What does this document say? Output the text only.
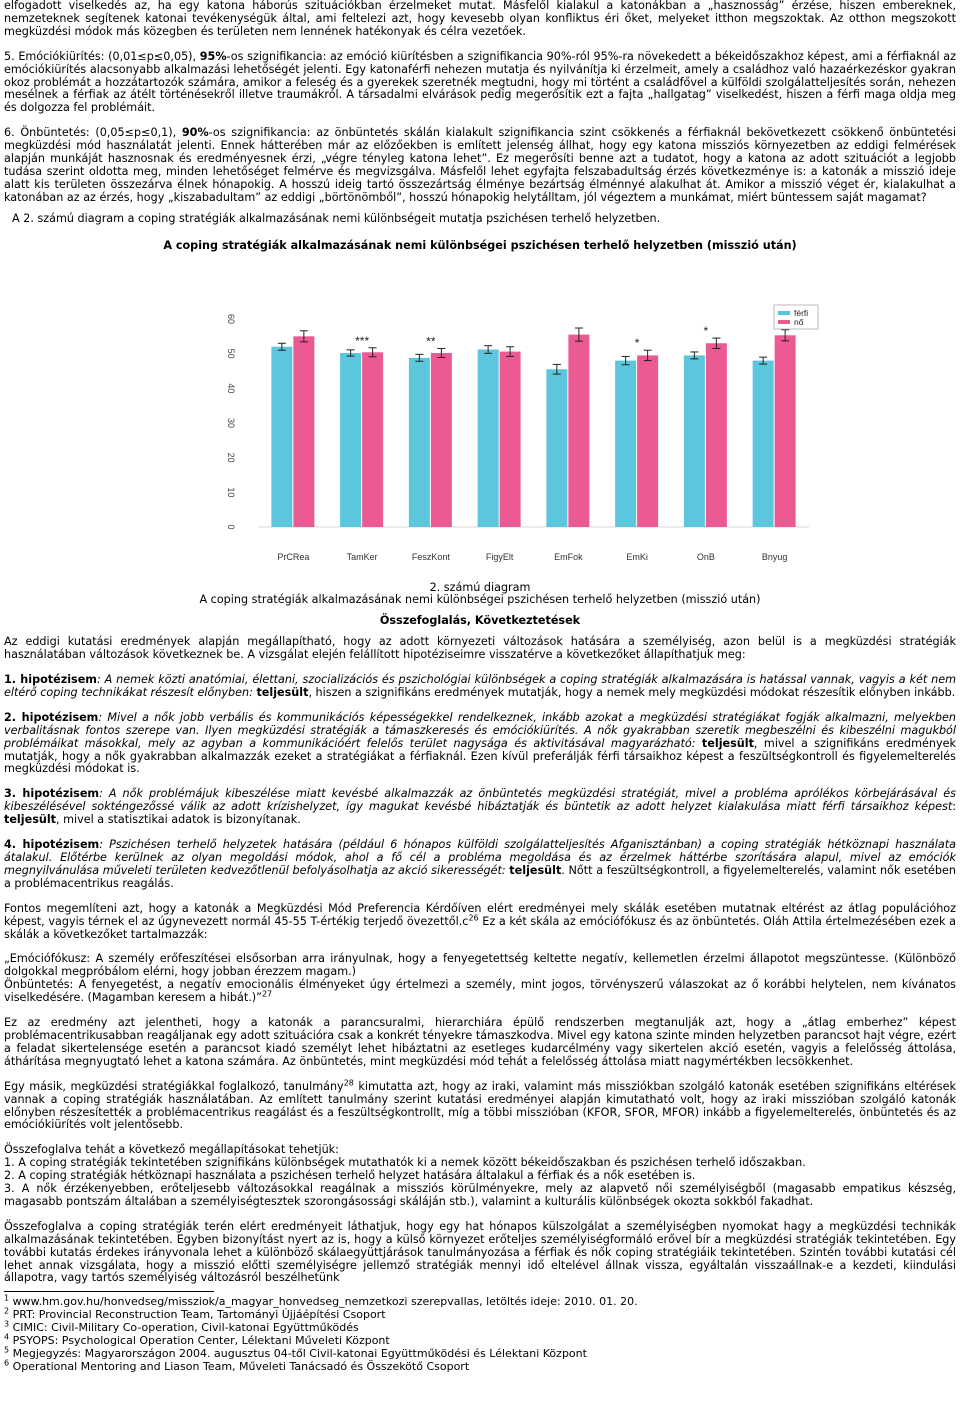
elfogadott viselkedés az, ha egy katona háborús szituációkban érzelmeket mutat. Másfelől kialakul a katonákban a „hasznosság” érzése, hiszen embereknek, nemzeteknek segítenek katonai tevékenységük által, ami feltelezi azt, hogy kevesebb olyan konfliktus éri őket, melyeket itthon megszoktak. Az otthon megszokott megküzdési módok más közegben és területen nem lennének hatékonyak és célra vezetőek.

5. Emóciókiürítés: (0,01≤p≤0,05), 95%-os szignifikancia: az emóció kiürítésben a szignifikancia 90%-ról 95%-ra növekedett a békeidőszakhoz képest, ami a férfiaknál az emóciókiürítés alacsonyabb alkalmazási lehetőségét jelenti. Egy katonaférfi nehezen mutatja és nyilvánítja ki érzelmeit, amely a családhoz való hazaérkezéskor gyakran okoz problémát a hozzátartozók számára, amikor a feleség és a gyerekek szeretnék megtudni, hogy mi történt a családfővel a külföldi szolgálatteljesítés során, nehezen mesélnek a férfiak az átélt történésekről illetve traumákról. A társadalmi elvárások pedig megerősítik ezt a fajta „hallgatag” viselkedést, hiszen a férfi maga oldja meg és dolgozza fel problémáit.

6. Önbüntetés: (0,05≤p≤0,1), 90%-os szignifikancia: az önbüntetés skálán kialakult szignifikancia szint csökkenés a férfiaknál bekövetkezett csökkenő önbüntetési megküzdési mód használatát jelenti. Ennek hátterében már az előzőekben is említett jelenség állhat, hogy egy katona missziós környezetben az eddigi felmérések alapján munkáját hasznosnak és eredményesnek érzi, „végre tényleg katona lehet”. Ez megerősíti benne azt a tudatot, hogy a katona az adott szituációt a legjobb tudása szerint oldotta meg, minden lehetőséget felmérve és megvizsgálva. Másfelől lehet egyfajta felszabadultság érzés következménye is: a katonák a misszió ideje alatt kis területen összezárva élnek hónapokig. A hosszú ideig tartó összezártság élménye bezártság élménnyé alakulhat át. Amikor a misszió véget ér, kialakulhat a katonában az az érzés, hogy „kiszabadultam” az eddigi „börtönömből”, hosszú hónapokig helytálltam, jól végeztem a munkámat, miért büntessem saját magamat?

A 2. számú diagram a coping stratégiák alkalmazásának nemi különbségeit mutatja pszichésen terhelő helyzetben.

A coping stratégiák alkalmazásának nemi különbségei pszichésen terhelő helyzetben (misszió után)
0
10
20
30
40
50
60
PrCRea
***
TamKer
**
FeszKont	FigyElt	EmFok
*
EmKi
*
OnB	Bnyug
férfi
nő
2. számú diagram
A coping stratégiák alkalmazásának nemi különbségei pszichésen terhelő helyzetben (misszió után)
Összefoglalás, Következtetések

Az eddigi kutatási eredmények alapján megállapítható, hogy az adott környezeti változások hatására a személyiség, azon belül is a megküzdési stratégiák használatában változások következnek be. A vizsgálat elején felállított hipotéziseimre visszatérve a következőket állapíthatjuk meg:

1. hipotézisem: A nemek közti anatómiai, élettani, szocializációs és pszichológiai különbségek a coping stratégiák alkalmazására is hatással vannak, vagyis a két nem eltérő coping technikákat részesít előnyben: teljesült, hiszen a szignifikáns eredmények mutatják, hogy a nemek mely megküzdési módokat részesítik előnyben inkább.

2. hipotézisem: Mivel a nők jobb verbális és kommunikációs képességekkel rendelkeznek, inkább azokat a megküzdési stratégiákat fogják alkalmazni, melyekben verbalitásnak fontos szerepe van. Ilyen megküzdési stratégiák a támaszkeresés és emóciókiürítés. A nők gyakrabban szeretik megbeszélni és kibeszélni magukból problémáikat másokkal, mely az agyban a kommunikációért felelős terület nagysága és aktivitásával magyarázható: teljesült, mivel a szignifikáns eredmények mutatják, hogy a nők gyakrabban alkalmazzák ezeket a stratégiákat a férfiaknál. Ezen kívül preferálják férfi társaikhoz képest a feszültségkontroll és figyelemelterelés megküzdési módokat is.

3. hipotézisem: A nők problémájuk kibeszélése miatt kevésbé alkalmazzák az önbüntetés megküzdési stratégiát, mivel a probléma aprólékos körbejárásával és kibeszélésével sokténgezőssé válik az adott krízishelyzet, így magukat kevésbé hibáztatják és büntetik az adott helyzet kialakulása miatt férfi társaikhoz képest: teljesült, mivel a statisztikai adatok is bizonyítanak.

4. hipotézisem: Pszichésen terhelő helyzetek hatására (például 6 hónapos külföldi szolgálatteljesítés Afganisztánban) a coping stratégiák hétköznapi használata átalakul. Előtérbe kerülnek az olyan megoldási módok, ahol a fő cél a probléma megoldása és az érzelmek háttérbe szorítására alapul, mivel az emóciók megnyilvánulása műveleti területen kedvezőtlenül befolyásolhatja az akció sikerességét: teljesült. Nőtt a feszültségkontroll, a figyelemelterelés, valamint nők esetében a problémacentrikus reagálás.

Fontos megemlíteni azt, hogy a katonák a Megküzdési Mód Preferencia Kérdőíven elért eredményei mely skálák esetében mutatnak eltérést az átlag populációhoz képest, vagyis térnek el az úgynevezett normál 45-55 T-értékig terjedő $övezettől.c^{26}$ Ez a két skála az emóciófókusz és az önbüntetés. Oláh Attila értelmezésében ezek a skálák a következőket tartalmazzák:

„Emóciófókusz: A személy erőfeszítései elsősorban arra irányulnak, hogy a fenyegetettség keltette negatív, kellemetlen érzelmi állapotot megszüntesse. (Különböző dolgokkal megpróbálom elérni, hogy jobban érezzem magam.)

Önbüntetés: A fenyegetést, a negatív emocionális élményeket úgy értelmezi a személy, mint jogos, törvényszerű válaszokat az ő korábbi helytelen, nem kívánatos viselkedésére. (Magamban keresem a hibát.)”$^{27}$

Ez az eredmény azt jelentheti, hogy a katonák a parancsuralmi, hierarchiára épülő rendszerben megtanulják azt, hogy a „átlag emberhez” képest problémacentrikusabban reagáljanak egy adott szituációra csak a konkrét tényekre támaszkodva. Mivel egy katona szinte minden helyzetben parancsot hajt végre, ezért a feladat sikertelensége esetén a parancsot kiadó személyt lehet hibáztatni az esetleges kudarcélmény vagy sikertelen akció esetén, vagyis a felelősség áttolása, áthárítása megnyugtató lehet a katona számára. Az önbüntetés, mint megküzdési mód tehát a felelősség áttolása miatt nagymértékben lecsökkenhet.

Egy másik, megküzdési stratégiákkal foglalkozó, tanulmány$^{28}$ kimutatta azt, hogy az iraki, valamint más missziókban szolgáló katonák esetében szignifikáns eltérések vannak a coping stratégiák használatában. Az említett tanulmány szerint kutatási eredményei alapján kimutatható volt, hogy az iraki misszióban szolgáló katonák előnyben részesítették a problémacentrikus reagálást és a feszültségkontrollt, míg a többi misszióban (KFOR, SFOR, MFOR) inkább a figyelemelterelés, önbüntetés és az emóciókiürítés volt jelentősebb.

Összefoglalva tehát a következő megállapításokat tehetjük:

1. A coping stratégiák tekintetében szignifikáns különbségek mutathatók ki a nemek között békeidőszakban és pszichésen terhelő időszakban.

2. A coping stratégiák hétköznapi használata a pszichésen terhelő helyzet hatására általakul a férfiak és a nők esetében is.

3. A nők érzékenyebben, erőteljesebb változásokkal reagálnak a missziós körülményekre, mely az alapvető női személyiségből (magasabb empatikus készség, magasabb pontszám általában a személyiségtesztek szorongásossági skáláján stb.), valamint a kulturális különbségek okozta sokkból fakadhat.

Összefoglalva a coping stratégiák terén elért eredményeit láthatjuk, hogy egy hat hónapos külszolgálat a személyiségben nyomokat hagy a megküzdési technikák alkalmazásának tekintetében. Egyben bizonyítást nyert az is, hogy a külső környezet erőteljes személyiségformáló erővel bír a megküzdési stratégiák tekintetében. Egy további kutatás érdekes irányvonala lehet a különböző skálaegyüttjárások tanulmányozása a férfiak és nők coping stratégiáik tekintetében. Szintén további kutatási cél lehet annak vizsgálata, hogy a misszió előtti személyiségre jellemző stratégiák mennyi idő eltelével állnak vissza, egyáltalán visszaállnak-e a kezdeti, kiindulási állapotra, vagy tartós személyiség változásról beszélhetünk

$^1$ www.hm.gov.hu/honvedseg/missziok/a_magyar_honvedseg_nemzetkozi szerepvallas, letöltés ideje: 2010. 01. 20.
$^2$ PRT: Provincial Reconstruction Team, Tartományi Újjáépítési Csoport
$^3$ CIMIC: Civil-Military Co-operation, Civil-katonai Együttműködés
$^4$ PSYOPS: Psychological Operation Center, Lélektani Műveleti Központ
$^5$ Megjegyzés: Magyarországon 2004. augusztus 04-től Civil-katonai Együttműködési és Lélektani Központ
$^6$ Operational Mentoring and Liason Team, Műveleti Tanácsadó és Összekötő Csoport
